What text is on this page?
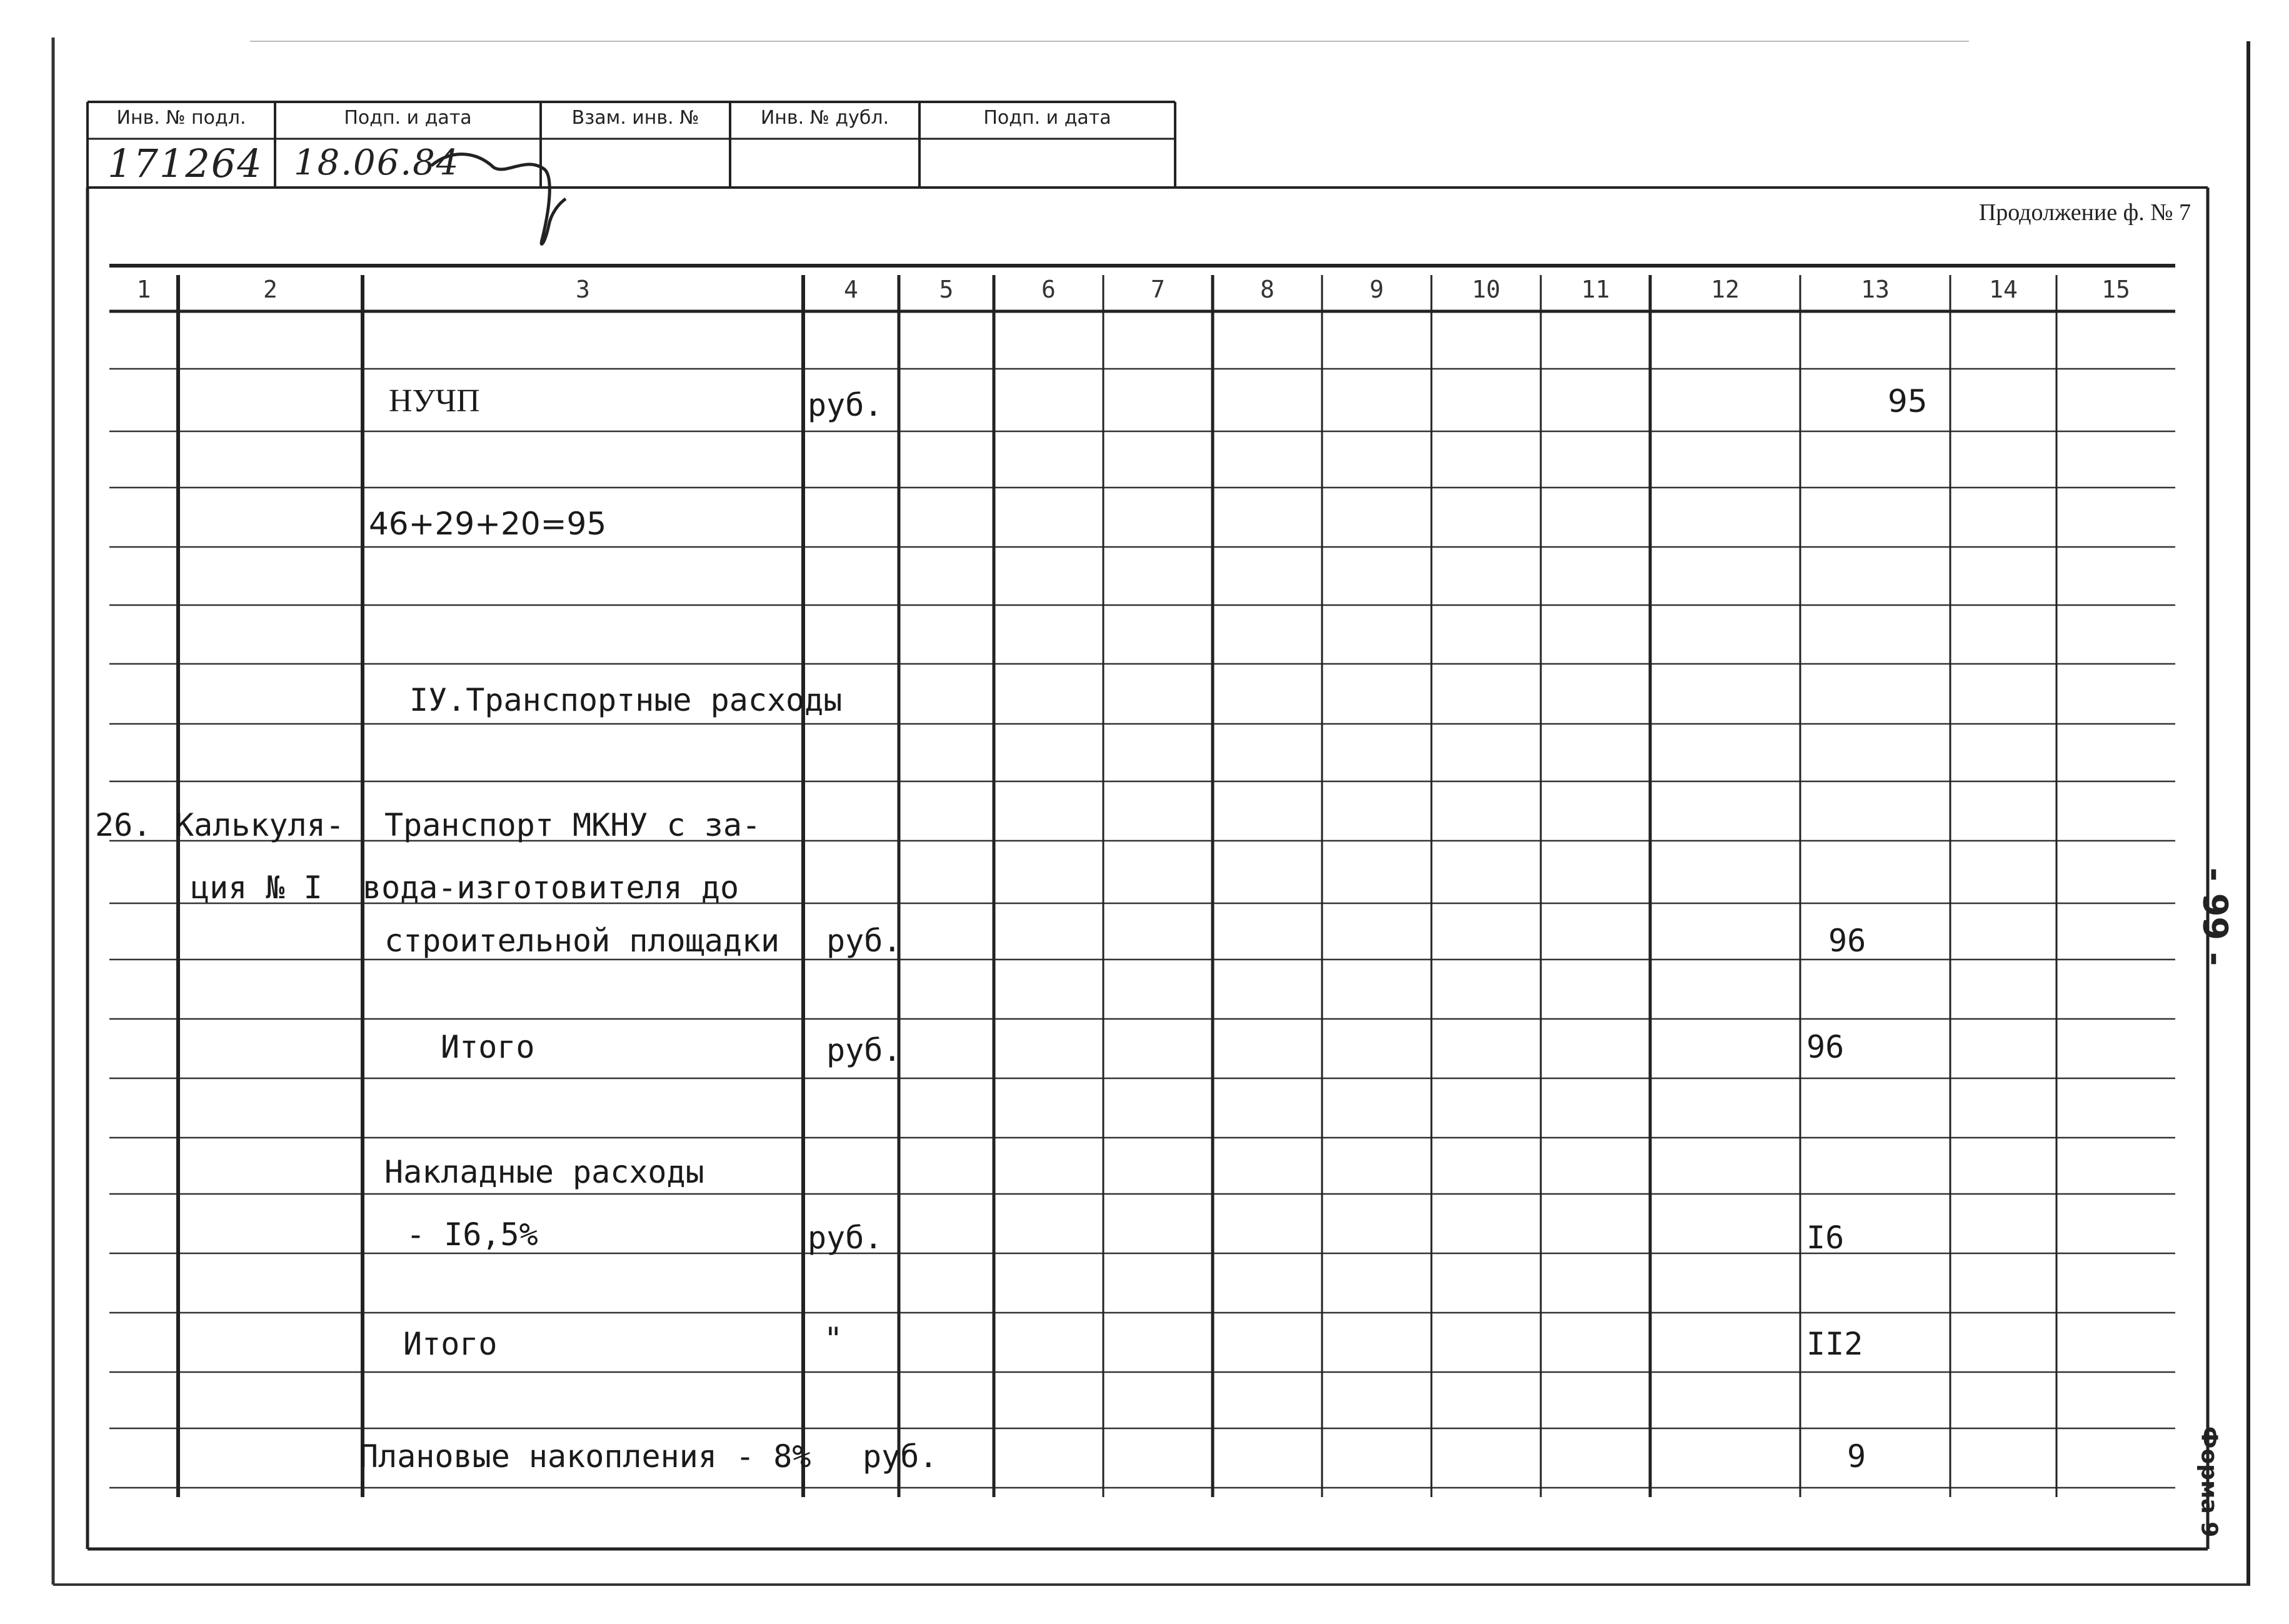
Инв. № подл.	Подп. и дата	Взам. инв. №	Инв. № дубл.	Подп. и дата
171264 18.06.84
Продолжение ф. № 7
1	2	3	4	5	6	7	8	9	10	11	12	13	14	15
НУЧП	руб.	95
46+29+20=95
IУ.Транспортные расходы
26. Калькуля-
ция № I
Транспорт МКНУ с за-
вода-изготовителя до
строительной площадки руб.	96
Итого	руб.	96
Накладные расходы
- I6,5%	руб.	I6
Итого	"	II2
Плановые накопления - 8% руб.	9
- 99 -
Форма 9
